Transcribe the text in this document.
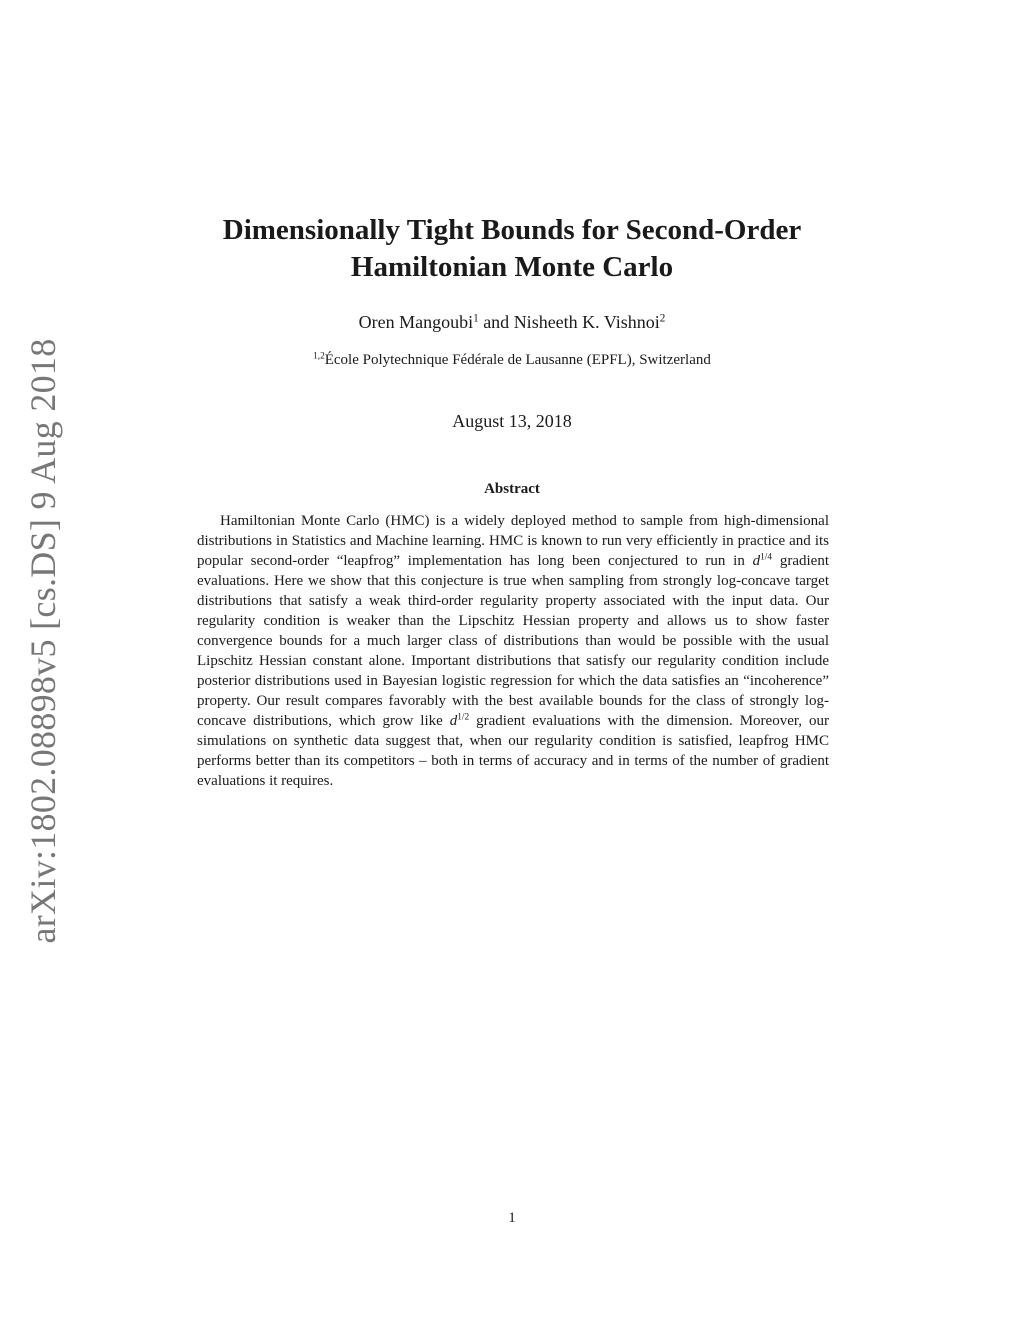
arXiv:1802.08898v5 [cs.DS] 9 Aug 2018
Dimensionally Tight Bounds for Second-Order
Hamiltonian Monte Carlo
Oren Mangoubi$^1$ and Nisheeth K. Vishnoi$^2$
$^{1,2}$École Polytechnique Fédérale de Lausanne (EPFL), Switzerland
August 13, 2018
Abstract

Hamiltonian Monte Carlo (HMC) is a widely deployed method to sample from high-dimensional distributions in Statistics and Machine learning. HMC is known to run very efficiently in practice and its popular second-order “leapfrog” implementation has long been conjectured to run in $d^{1/4}$ gradient evaluations. Here we show that this conjecture is true when sampling from strongly log-concave target distributions that satisfy a weak third-order regularity property associated with the input data. Our regularity condition is weaker than the Lipschitz Hessian property and allows us to show faster convergence bounds for a much larger class of distributions than would be possible with the usual Lipschitz Hessian constant alone. Important distributions that satisfy our regularity condition include posterior distributions used in Bayesian logistic regression for which the data satisfies an “incoherence” property. Our result compares favorably with the best available bounds for the class of strongly log-concave distributions, which grow like $d^{1/2}$ gradient evaluations with the dimension. Moreover, our simulations on synthetic data suggest that, when our regularity condition is satisfied, leapfrog HMC performs better than its competitors – both in terms of accuracy and in terms of the number of gradient evaluations it requires.

1
